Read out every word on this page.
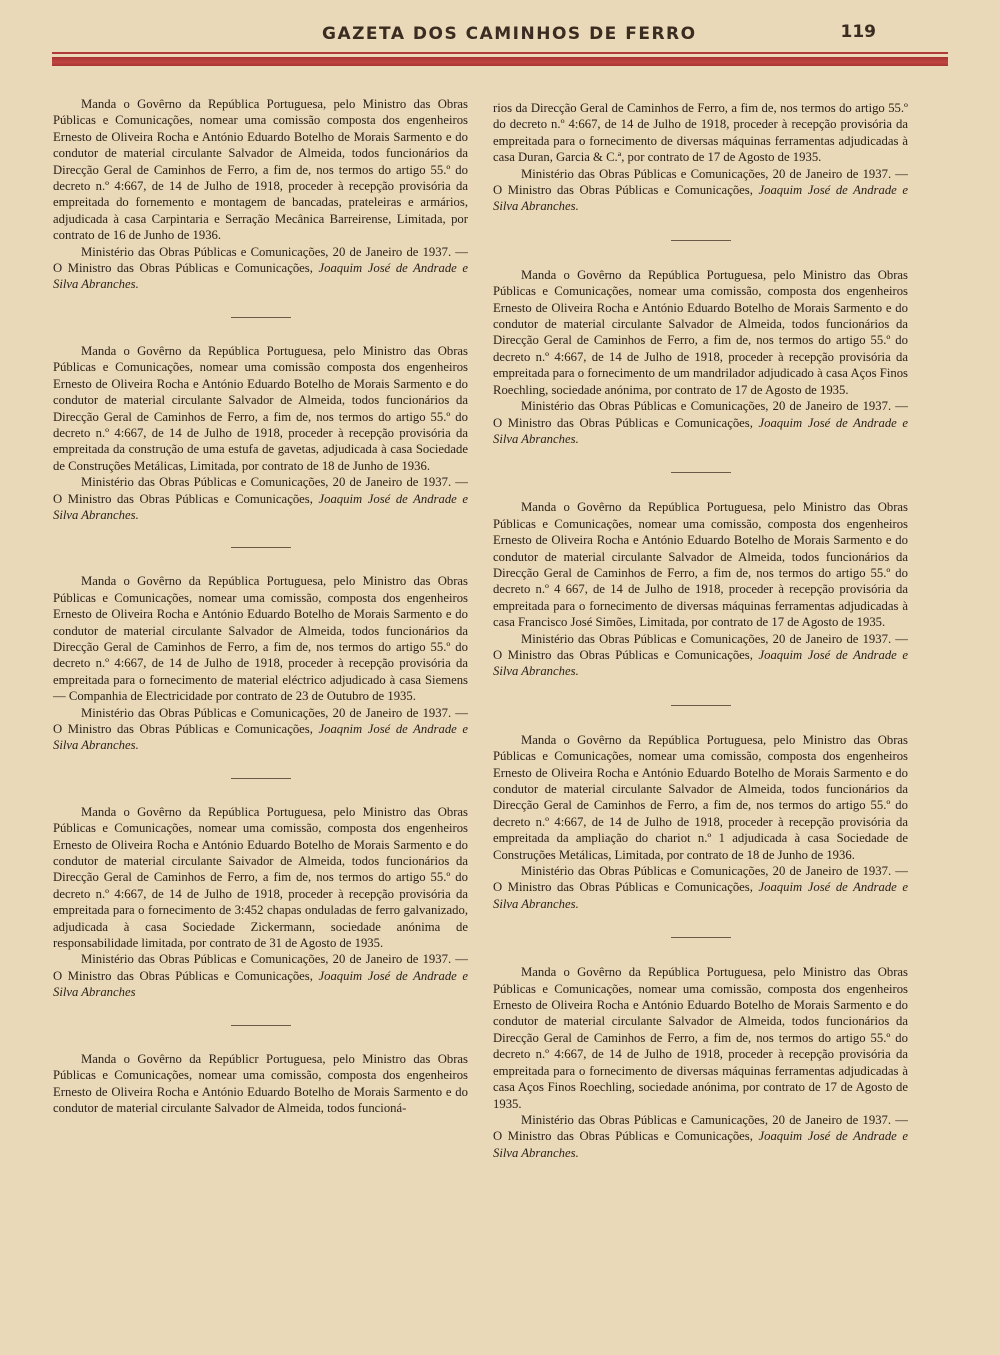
GAZETA DOS CAMINHOS DE FERRO	119

Manda o Govêrno da República Portuguesa, pelo Ministro das Obras Públicas e Comunicações, nomear uma comissão composta dos engenheiros Ernesto de Oliveira Rocha e António Eduardo Botelho de Morais Sarmento e do condutor de material circulante Salvador de Almeida, todos funcionários da Direcção Geral de Caminhos de Ferro, a fim de, nos termos do artigo 55.º do decreto n.º 4:667, de 14 de Julho de 1918, proceder à recepção provisória da empreitada do fornemento e montagem de bancadas, prateleiras e armários, adjudicada à casa Carpintaria e Serração Mecânica Barreirense, Limitada, por contrato de 16 de Junho de 1936.

Ministério das Obras Públicas e Comunicações, 20 de Janeiro de 1937. — O Ministro das Obras Públicas e Comunicações, Joaquim José de Andrade e Silva Abranches.

Manda o Govêrno da República Portuguesa, pelo Ministro das Obras Públicas e Comunicações, nomear uma comissão composta dos engenheiros Ernesto de Oliveira Rocha e António Eduardo Botelho de Morais Sarmento e do condutor de material circulante Salvador de Almeida, todos funcionários da Direcção Geral de Caminhos de Ferro, a fim de, nos termos do artigo 55.º do decreto n.º 4:667, de 14 de Julho de 1918, proceder à recepção provisória da empreitada da construção de uma estufa de gavetas, adjudicada à casa Sociedade de Construções Metálicas, Limitada, por contrato de 18 de Junho de 1936.

Ministério das Obras Públicas e Comunicações, 20 de Janeiro de 1937. — O Ministro das Obras Públicas e Comunicações, Joaquim José de Andrade e Silva Abranches.

Manda o Govêrno da República Portuguesa, pelo Ministro das Obras Públicas e Comunicações, nomear uma comissão, composta dos engenheiros Ernesto de Oliveira Rocha e António Eduardo Botelho de Morais Sarmento e do condutor de material circulante Salvador de Almeida, todos funcionários da Direcção Geral de Caminhos de Ferro, a fim de, nos termos do artigo 55.º do decreto n.º 4:667, de 14 de Julho de 1918, proceder à recepção provisória da empreitada para o fornecimento de material eléctrico adjudicado à casa Siemens — Companhia de Electricidade por contrato de 23 de Outubro de 1935.

Ministério das Obras Públicas e Comunicações, 20 de Janeiro de 1937. — O Ministro das Obras Públicas e Comunicações, Joaqnim José de Andrade e Silva Abranches.

Manda o Govêrno da República Portuguesa, pelo Ministro das Obras Públicas e Comunicações, nomear uma comissão, composta dos engenheiros Ernesto de Oliveira Rocha e António Eduardo Botelho de Morais Sarmento e do condutor de material circulante Saivador de Almeida, todos funcionários da Direcção Geral de Caminhos de Ferro, a fim de, nos termos do artigo 55.º do decreto n.º 4:667, de 14 de Julho de 1918, proceder à recepção provisória da empreitada para o fornecimento de 3:452 chapas onduladas de ferro galvanizado, adjudicada à casa Sociedade Zickermann, sociedade anónima de responsabilidade limitada, por contrato de 31 de Agosto de 1935.

Ministério das Obras Públicas e Comunicações, 20 de Janeiro de 1937. — O Ministro das Obras Públicas e Comunicações, Joaquim José de Andrade e Silva Abranches

Manda o Govêrno da Repúblicr Portuguesa, pelo Ministro das Obras Públicas e Comunicações, nomear uma comissão, composta dos engenheiros Ernesto de Oliveira Rocha e António Eduardo Botelho de Morais Sarmento e do condutor de material circulante Salvador de Almeida, todos funcioná-

rios da Direcção Geral de Caminhos de Ferro, a fim de, nos termos do artigo 55.º do decreto n.º 4:667, de 14 de Julho de 1918, proceder à recepção provisória da empreitada para o fornecimento de diversas máquinas ferramentas adjudicadas à casa Duran, Garcia & C.ª, por contrato de 17 de Agosto de 1935.

Ministério das Obras Públicas e Comunicações, 20 de Janeiro de 1937. — O Ministro das Obras Públicas e Comunicações, Joaquim José de Andrade e Silva Abranches.

Manda o Govêrno da República Portuguesa, pelo Ministro das Obras Públicas e Comunicações, nomear uma comissão, composta dos engenheiros Ernesto de Oliveira Rocha e António Eduardo Botelho de Morais Sarmento e do condutor de material circulante Salvador de Almeida, todos funcionários da Direcção Geral de Caminhos de Ferro, a fim de, nos termos do artigo 55.º do decreto n.º 4:667, de 14 de Julho de 1918, proceder à recepção provisória da empreitada para o fornecimento de um mandrilador adjudicado à casa Aços Finos Roechling, sociedade anónima, por contrato de 17 de Agosto de 1935.

Ministério das Obras Públicas e Comunicações, 20 de Janeiro de 1937. — O Ministro das Obras Públicas e Comunicações, Joaquim José de Andrade e Silva Abranches.

Manda o Govêrno da República Portuguesa, pelo Ministro das Obras Públicas e Comunicações, nomear uma comissão, composta dos engenheiros Ernesto de Oliveira Rocha e António Eduardo Botelho de Morais Sarmento e do condutor de material circulante Salvador de Almeida, todos funcionários da Direcção Geral de Caminhos de Ferro, a fim de, nos termos do artigo 55.º do decreto n.º 4 667, de 14 de Julho de 1918, proceder à recepção provisória da empreitada para o fornecimento de diversas máquinas ferramentas adjudicadas à casa Francisco José Simões, Limitada, por contrato de 17 de Agosto de 1935.

Ministério das Obras Públicas e Comunicações, 20 de Janeiro de 1937. — O Ministro das Obras Públicas e Comunicações, Joaquim José de Andrade e Silva Abranches.

Manda o Govêrno da República Portuguesa, pelo Ministro das Obras Públicas e Comunicações, nomear uma comissão, composta dos engenheiros Ernesto de Oliveira Rocha e António Eduardo Botelho de Morais Sarmento e do condutor de material circulante Salvador de Almeida, todos funcionários da Direcção Geral de Caminhos de Ferro, a fim de, nos termos do artigo 55.º do decreto n.º 4:667, de 14 de Julho de 1918, proceder à recepção provisória da empreitada da ampliação do chariot n.º 1 adjudicada à casa Sociedade de Construções Metálicas, Limitada, por contrato de 18 de Junho de 1936.

Ministério das Obras Públicas e Comunicações, 20 de Janeiro de 1937. — O Ministro das Obras Públicas e Comunicações, Joaquim José de Andrade e Silva Abranches.

Manda o Govêrno da República Portuguesa, pelo Ministro das Obras Públicas e Comunicações, nomear uma comissão, composta dos engenheiros Ernesto de Oliveira Rocha e António Eduardo Botelho de Morais Sarmento e do condutor de material circulante Salvador de Almeida, todos funcionários da Direcção Geral de Caminhos de Ferro, a fim de, nos termos do artigo 55.º do decreto n.º 4:667, de 14 de Julho de 1918, proceder à recepção provisória da empreitada para o fornecimento de diversas máquinas ferramentas adjudicadas à casa Aços Finos Roechling, sociedade anónima, por contrato de 17 de Agosto de 1935.

Ministério das Obras Públicas e Camunicações, 20 de Janeiro de 1937. — O Ministro das Obras Públicas e Comunicações, Joaquim José de Andrade e Silva Abranches.
